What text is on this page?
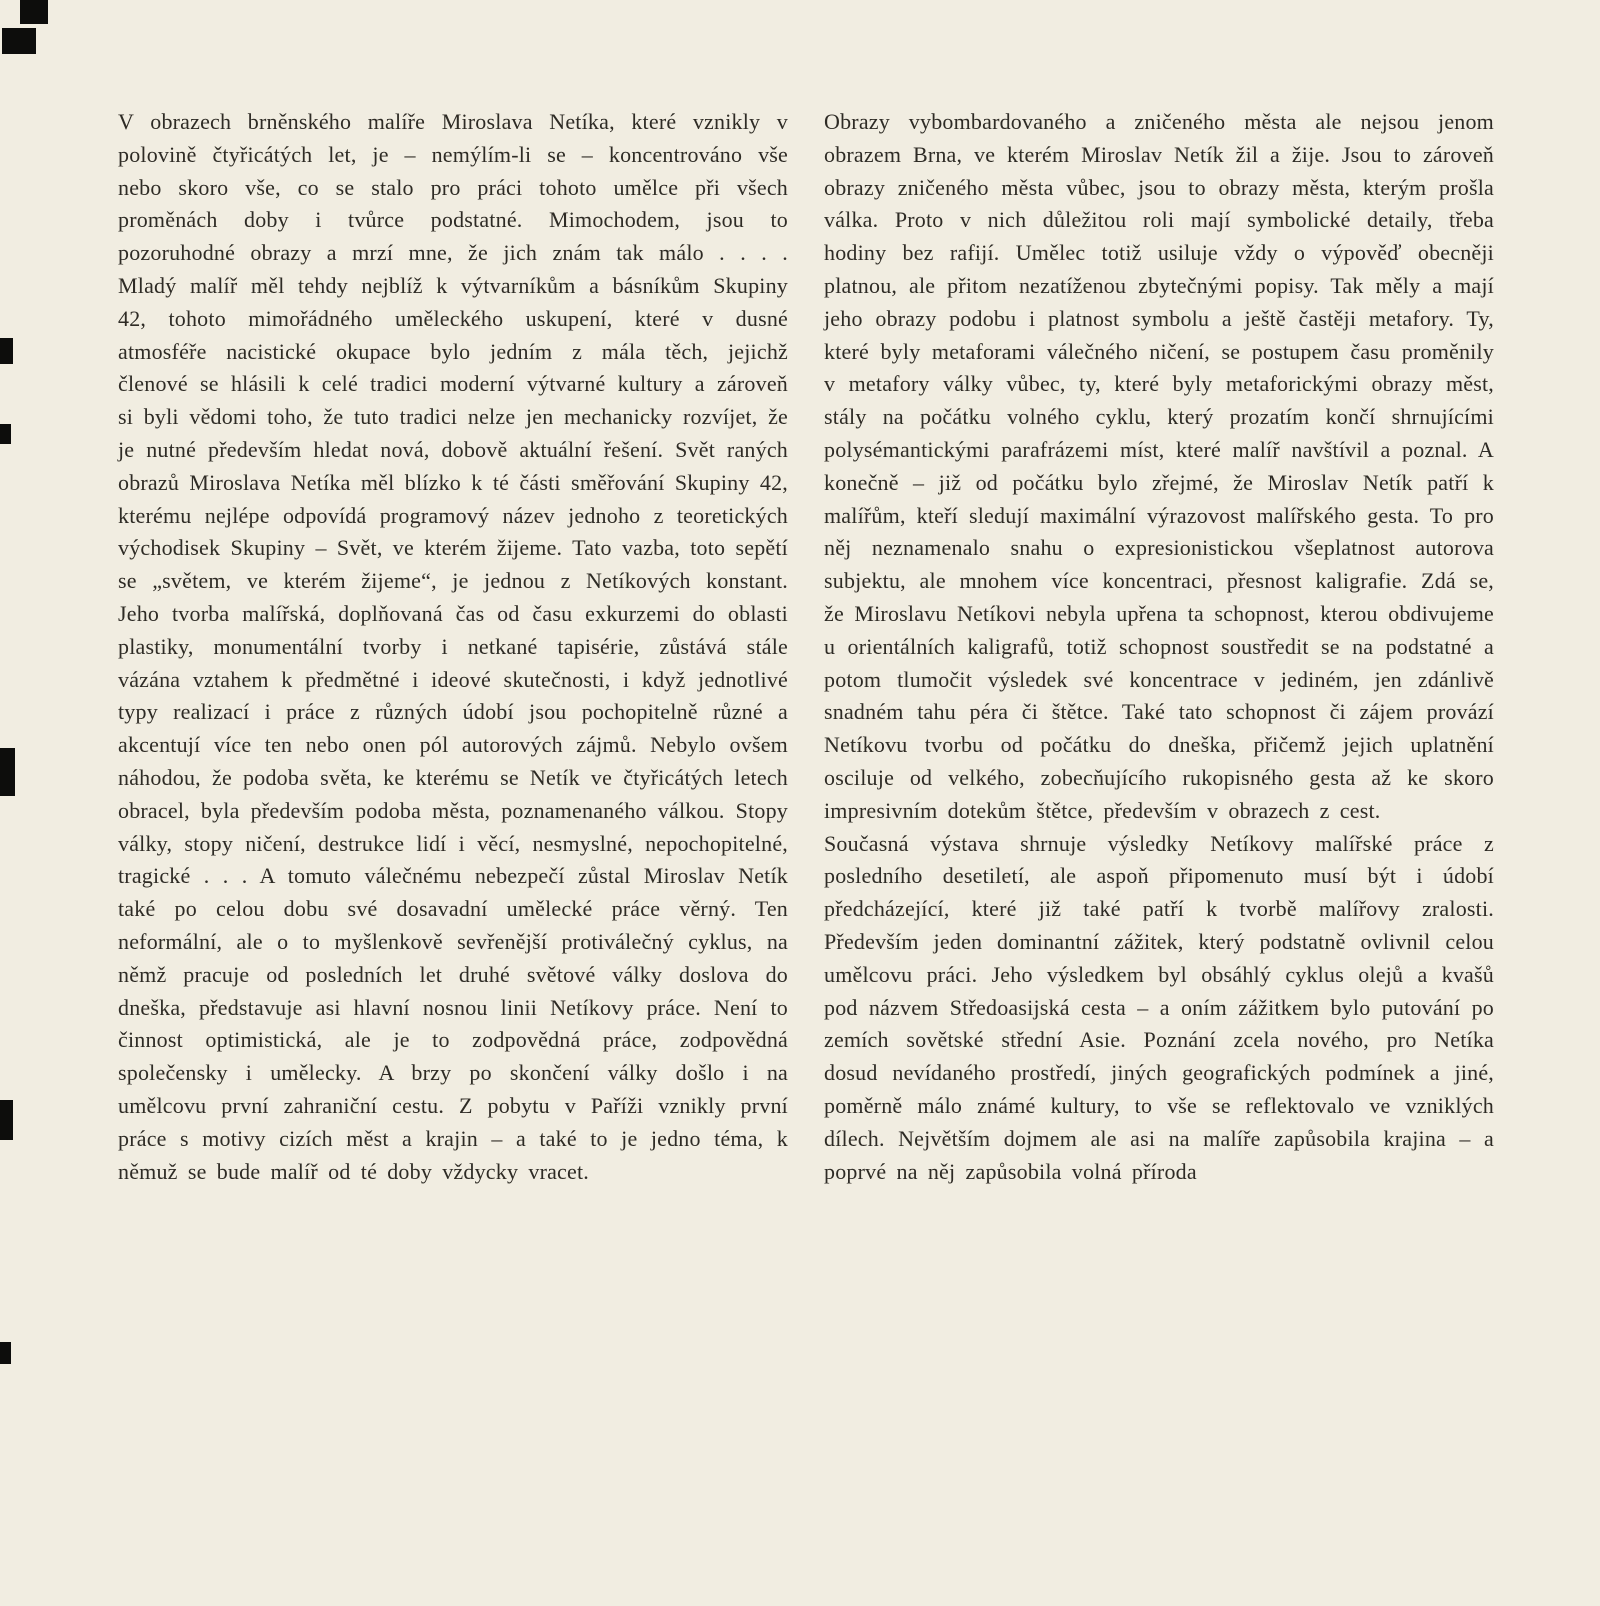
V obrazech brněnského malíře Miroslava Netíka, které vznikly v polovině čtyřicátých let, je – nemýlím-li se – koncentrováno vše nebo skoro vše, co se stalo pro práci tohoto umělce při všech proměnách doby i tvůrce podstatné. Mimochodem, jsou to pozoruhodné obrazy a mrzí mne, že jich znám tak málo . . . . Mladý malíř měl tehdy nejblíž k výtvarníkům a básníkům Skupiny 42, tohoto mimořádného uměleckého uskupení, které v dusné atmosféře nacistické okupace bylo jedním z mála těch, jejichž členové se hlásili k celé tradici moderní výtvarné kultury a zároveň si byli vědomi toho, že tuto tradici nelze jen mechanicky rozvíjet, že je nutné především hledat nová, dobově aktuální řešení. Svět raných obrazů Miroslava Netíka měl blízko k té části směřování Skupiny 42, kterému nejlépe odpovídá programový název jednoho z teoretických východisek Skupiny – Svět, ve kterém žijeme. Tato vazba, toto sepětí se „světem, ve kterém žijeme“, je jednou z Netíkových konstant. Jeho tvorba malířská, doplňovaná čas od času exkurzemi do oblasti plastiky, monumentální tvorby i netkané tapisérie, zůstává stále vázána vztahem k předmětné i ideové skutečnosti, i když jednotlivé typy realizací i práce z různých údobí jsou pochopitelně různé a akcentují více ten nebo onen pól autorových zájmů. Nebylo ovšem náhodou, že podoba světa, ke kterému se Netík ve čtyřicátých letech obracel, byla především podoba města, poznamenaného válkou. Stopy války, stopy ničení, destrukce lidí i věcí, nesmyslné, nepochopitelné, tragické . . . A tomuto válečnému nebezpečí zůstal Miroslav Netík také po celou dobu své dosavadní umělecké práce věrný. Ten neformální, ale o to myšlenkově sevřenější protiválečný cyklus, na němž pracuje od posledních let druhé světové války doslova do dneška, představuje asi hlavní nosnou linii Netíkovy práce. Není to činnost optimistická, ale je to zodpovědná práce, zodpovědná společensky i umělecky. A brzy po skončení války došlo i na umělcovu první zahraniční cestu. Z pobytu v Paříži vznikly první práce s motivy cizích měst a krajin – a také to je jedno téma, k němuž se bude malíř od té doby vždycky vracet.

Obrazy vybombardovaného a zničeného města ale nejsou jenom obrazem Brna, ve kterém Miroslav Netík žil a žije. Jsou to zároveň obrazy zničeného města vůbec, jsou to obrazy města, kterým prošla válka. Proto v nich důležitou roli mají symbolické detaily, třeba hodiny bez rafijí. Umělec totiž usiluje vždy o výpověď obecněji platnou, ale přitom nezatíženou zbytečnými popisy. Tak měly a mají jeho obrazy podobu i platnost symbolu a ještě častěji metafory. Ty, které byly metaforami válečného ničení, se postupem času proměnily v metafory války vůbec, ty, které byly metaforickými obrazy měst, stály na počátku volného cyklu, který prozatím končí shrnujícími polysémantickými parafrázemi míst, které malíř navštívil a poznal. A konečně – již od počátku bylo zřejmé, že Miroslav Netík patří k malířům, kteří sledují maximální výrazovost malířského gesta. To pro něj neznamenalo snahu o expresionistickou všeplatnost autorova subjektu, ale mnohem více koncentraci, přesnost kaligrafie. Zdá se, že Miroslavu Netíkovi nebyla upřena ta schopnost, kterou obdivujeme u orientálních kaligrafů, totiž schopnost soustředit se na podstatné a potom tlumočit výsledek své koncentrace v jediném, jen zdánlivě snadném tahu péra či štětce. Také tato schopnost či zájem provází Netíkovu tvorbu od počátku do dneška, přičemž jejich uplatnění osciluje od velkého, zobecňujícího rukopisného gesta až ke skoro impresivním dotekům štětce, především v obrazech z cest.

Současná výstava shrnuje výsledky Netíkovy malířské práce z posledního desetiletí, ale aspoň připomenuto musí být i údobí předcházející, které již také patří k tvorbě malířovy zralosti. Především jeden dominantní zážitek, který podstatně ovlivnil celou umělcovu práci. Jeho výsledkem byl obsáhlý cyklus olejů a kvašů pod názvem Středoasijská cesta – a oním zážitkem bylo putování po zemích sovětské střední Asie. Poznání zcela nového, pro Netíka dosud nevídaného prostředí, jiných geografických podmínek a jiné, poměrně málo známé kultury, to vše se reflektovalo ve vzniklých dílech. Největším dojmem ale asi na malíře zapůsobila krajina – a poprvé na něj zapůsobila volná příroda
